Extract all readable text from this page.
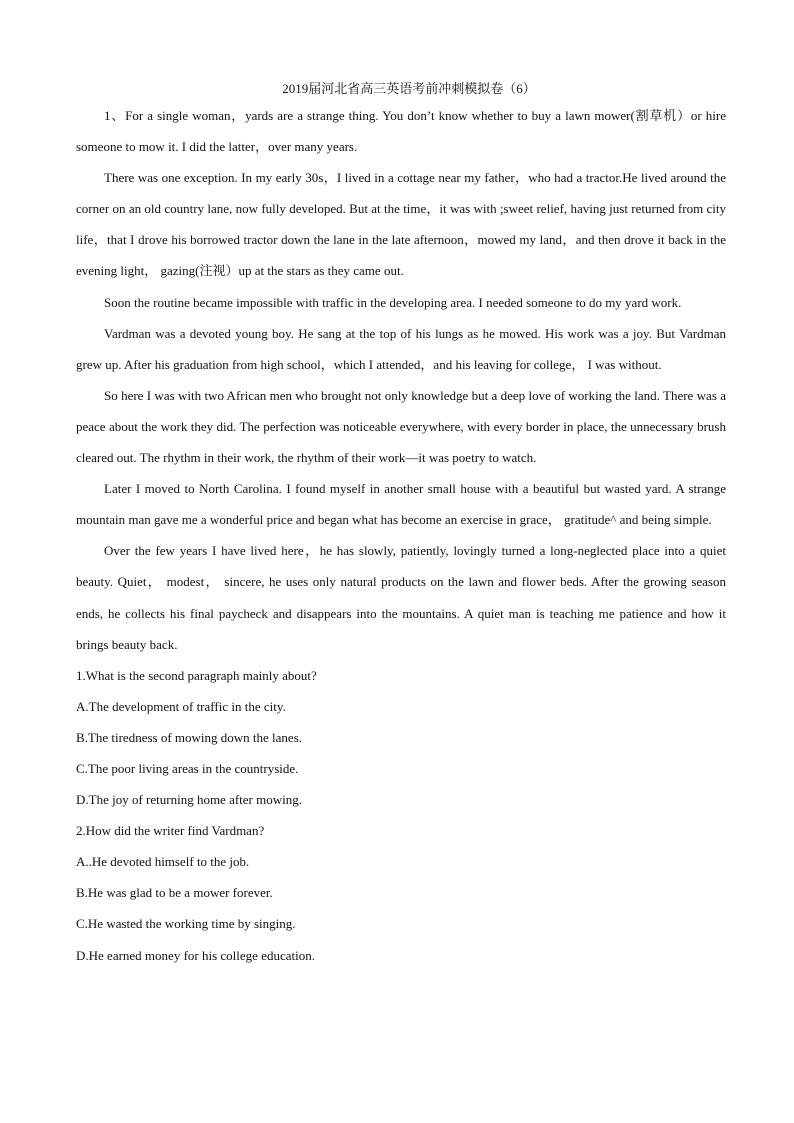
2019届河北省高三英语考前冲刺模拟卷（6）

1、For a single woman，yards are a strange thing. You don’t know whether to buy a lawn mower(割草机）or hire someone to mow it. I did the latter，over many years.

There was one exception. In my early 30s，I lived in a cottage near my father，who had a tractor.He lived around the corner on an old country lane, now fully developed. But at the time，it was with ;sweet relief, having just returned from city life，that I drove his borrowed tractor down the lane in the late afternoon，mowed my land，and then drove it back in the evening light， gazing(注视）up at the stars as they came out.

Soon the routine became impossible with traffic in the developing area. I needed someone to do my yard work.

Vardman was a devoted young boy. He sang at the top of his lungs as he mowed. His work was a joy. But Vardman grew up. After his graduation from high school，which I attended，and his leaving for college， I was without.

So here I was with two African men who brought not only knowledge but a deep love of working the land. There was a peace about the work they did. The perfection was noticeable everywhere, with every border in place, the unnecessary brush cleared out. The rhythm in their work, the rhythm of their work—it was poetry to watch.

Later I moved to North Carolina. I found myself in another small house with a beautiful but wasted yard. A strange mountain man gave me a wonderful price and began what has become an exercise in grace， gratitude^ and being simple.

Over the few years I have lived here，he has slowly, patiently, lovingly turned a long-neglected place into a quiet beauty. Quiet， modest， sincere, he uses only natural products on the lawn and flower beds. After the growing season ends, he collects his final paycheck and disappears into the mountains. A quiet man is teaching me patience and how it brings beauty back.

1.What is the second paragraph mainly about?

A.The development of traffic in the city.

B.The tiredness of mowing down the lanes.

C.The poor living areas in the countryside.

D.The joy of returning home after mowing.

2.How did the writer find Vardman?

A..He devoted himself to the job.

B.He was glad to be a mower forever.

C.He wasted the working time by singing.

D.He earned money for his college education.
